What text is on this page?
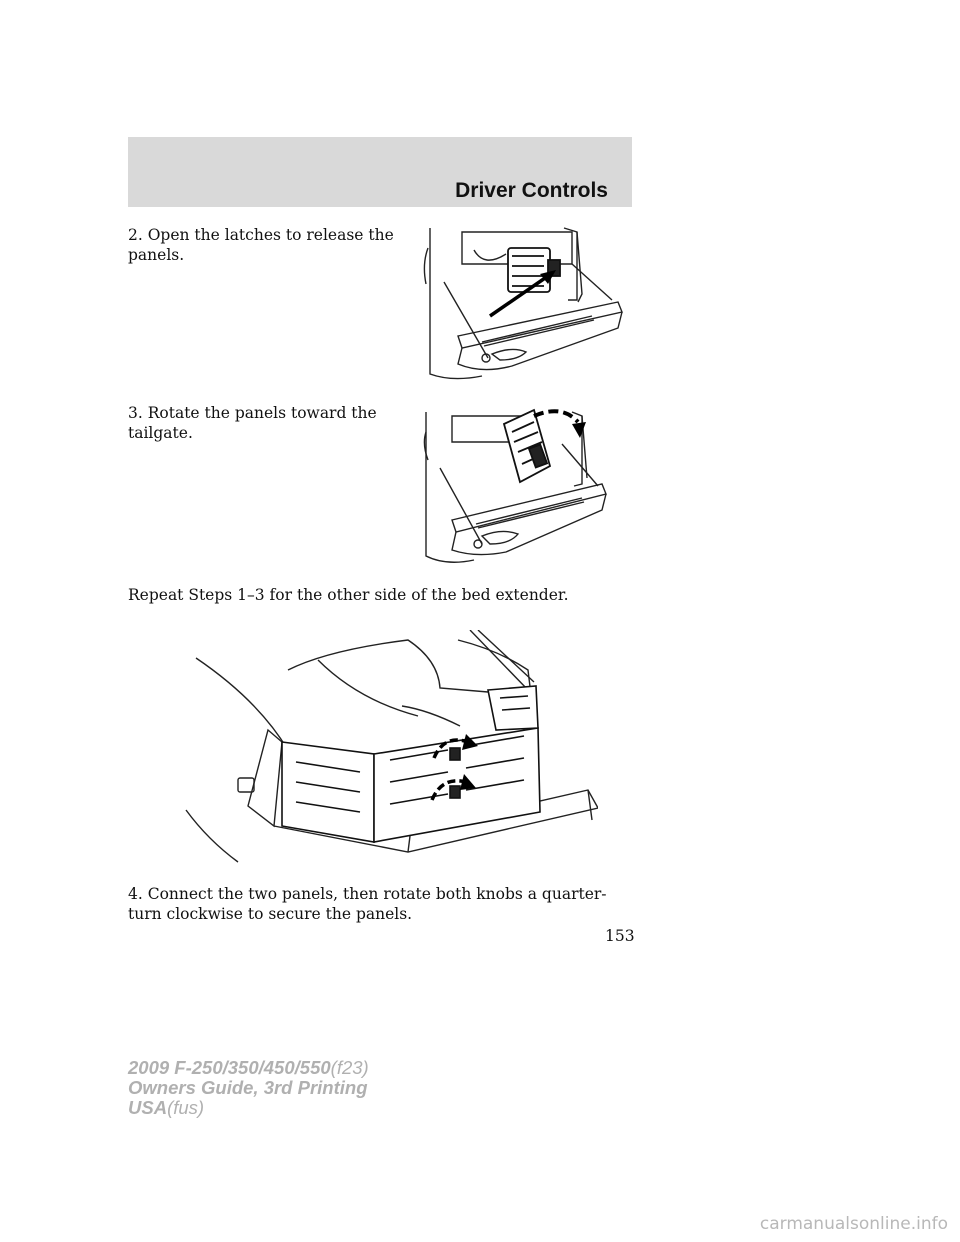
Driver Controls
2. Open the latches to release the panels.
3. Rotate the panels toward the tailgate.
Repeat Steps 1–3 for the other side of the bed extender.
4. Connect the two panels, then rotate both knobs a quarter-turn clockwise to secure the panels.
153
2009 F-250/350/450/550(f23)
Owners Guide, 3rd Printing
USA(fus)
carmanualsonline.info
